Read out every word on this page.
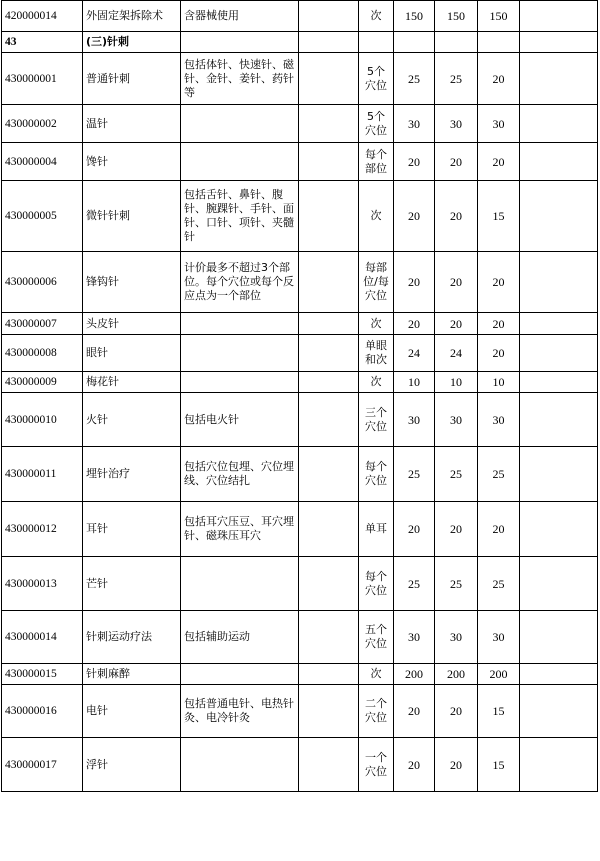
420000014	外固定架拆除术	含器械使用		次	150	150	150	
43	(三)针刺							
430000001	普通针刺	包括体针、快速针、磁针、金针、姜针、药针等		5个穴位	25	25	20	
430000002	温针			5个穴位	30	30	30	
430000004	馋针			每个部位	20	20	20	
430000005	微针针刺	包括舌针、鼻针、腹针、腕踝针、手针、面针、口针、项针、夹髓针		次	20	20	15	
430000006	锋钩针	计价最多不超过3个部位。每个穴位或每个反应点为一个部位		每部位/每穴位	20	20	20	
430000007	头皮针			次	20	20	20	
430000008	眼针			单眼和次	24	24	20	
430000009	梅花针			次	10	10	10	
430000010	火针	包括电火针		三个穴位	30	30	30	
430000011	埋针治疗	包括穴位包埋、穴位埋线、穴位结扎		每个穴位	25	25	25	
430000012	耳针	包括耳穴压豆、耳穴埋针、磁珠压耳穴		单耳	20	20	20	
430000013	芒针			每个穴位	25	25	25	
430000014	针刺运动疗法	包括辅助运动		五个穴位	30	30	30	
430000015	针刺麻醉			次	200	200	200	
430000016	电针	包括普通电针、电热针灸、电冷针灸		二个穴位	20	20	15	
430000017	浮针			一个穴位	20	20	15	
